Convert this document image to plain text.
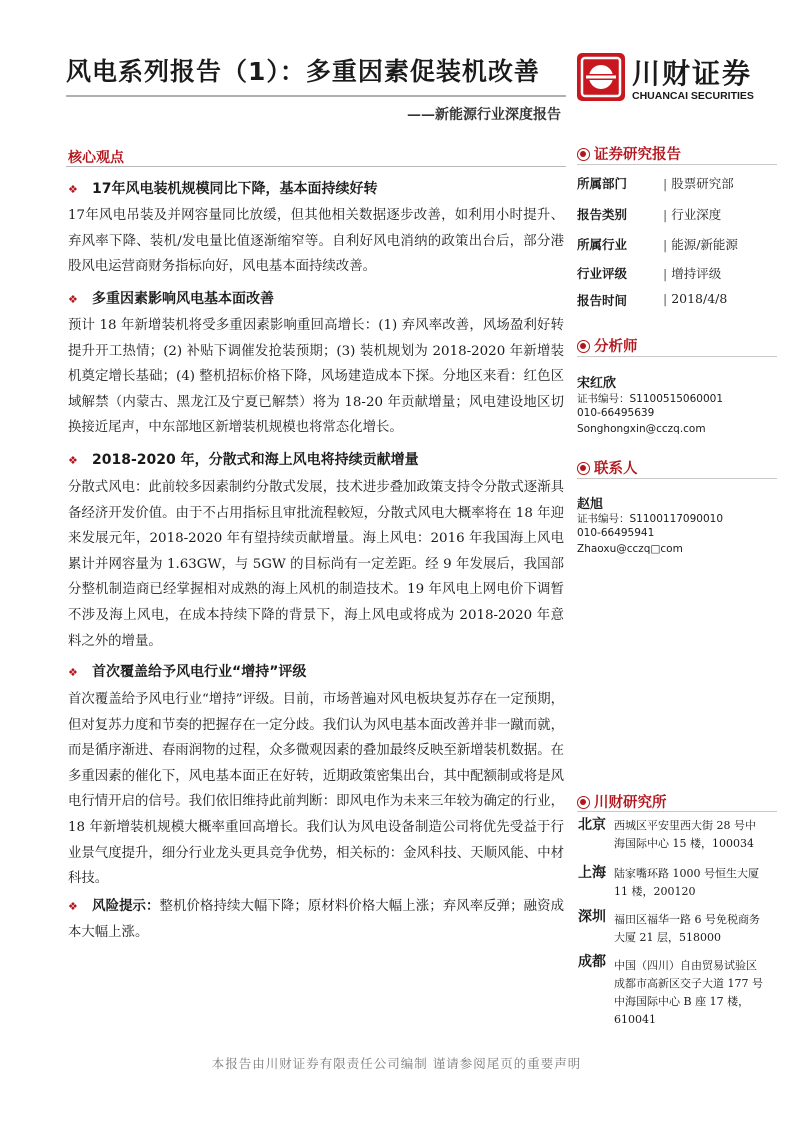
风电系列报告（1）：多重因素促装机改善
——新能源行业深度报告
川财证券
CHUANCAI SECURITIES
核心观点
❖ 17年风电装机规模同比下降，基本面持续好转

17年风电吊装及并网容量同比放缓，但其他相关数据逐步改善，如利用小时提升、弃风率下降、装机/发电量比值逐渐缩窄等。自利好风电消纳的政策出台后，部分港股风电运营商财务指标向好，风电基本面持续改善。

❖ 多重因素影响风电基本面改善

预计 18 年新增装机将受多重因素影响重回高增长：(1) 弃风率改善，风场盈利好转提升开工热情；(2) 补贴下调催发抢装预期；(3) 装机规划为 2018-2020 年新增装机奠定增长基础；(4) 整机招标价格下降，风场建造成本下探。分地区来看：红色区域解禁（内蒙古、黑龙江及宁夏已解禁）将为 18-20 年贡献增量；风电建设地区切换接近尾声，中东部地区新增装机规模也将常态化增长。

❖ 2018-2020 年，分散式和海上风电将持续贡献增量

分散式风电：此前较多因素制约分散式发展，技术进步叠加政策支持令分散式逐渐具备经济开发价值。由于不占用指标且审批流程較短，分散式风电大概率将在 18 年迎来发展元年，2018-2020 年有望持续贡献增量。海上风电：2016 年我国海上风电累计并网容量为 1.63GW，与 5GW 的目标尚有一定差距。经 9 年发展后，我国部分整机制造商已经掌握相对成熟的海上风机的制造技术。19 年风电上网电价下调暂不涉及海上风电，在成本持续下降的背景下，海上风电或将成为 2018-2020 年意料之外的增量。

❖ 首次覆盖给予风电行业“增持”评级

首次覆盖给予风电行业“增持”评级。目前，市场普遍对风电板块复苏存在一定预期，但对复苏力度和节奏的把握存在一定分歧。我们认为风电基本面改善并非一蹴而就，而是循序渐进、春雨润物的过程，众多微观因素的叠加最终反映至新增装机数据。在多重因素的催化下，风电基本面正在好转，近期政策密集出台，其中配额制或将是风电行情开启的信号。我们依旧维持此前判断：即风电作为未来三年较为确定的行业，18 年新增装机规模大概率重回高增长。我们认为风电设备制造公司将优先受益于行业景气度提升，细分行业龙头更具竞争优势，相关标的：金风科技、天顺风能、中材科技。

❖ 风险提示：整机价格持续大幅下降；原材料价格大幅上涨；弃风率反弹；融资成本大幅上涨。

证券研究报告
所属部门	| 股票研究部
报告类别	| 行业深度
所属行业	| 能源/新能源
行业评级	| 增持评级
报告时间	| 2018/4/8
分析师
宋红欣
证书编号：S1100515060001
010-66495639
Songhongxin@cczq.com
联系人
赵旭
证书编号：S1100117090010
010-66495941
Zhaoxu@cczq□com
川财研究所
北京 西城区平安里西大街 28 号中海国际中心 15 楼，100034
上海 陆家嘴环路 1000 号恒生大厦 11 楼，200120
深圳 福田区福华一路 6 号免税商务大厦 21 层，518000
成都 中国（四川）自由贸易试验区成都市高新区交子大道 177 号中海国际中心 B 座 17 楼，610041
本报告由川财证券有限责任公司编制 谨请参阅尾页的重要声明
